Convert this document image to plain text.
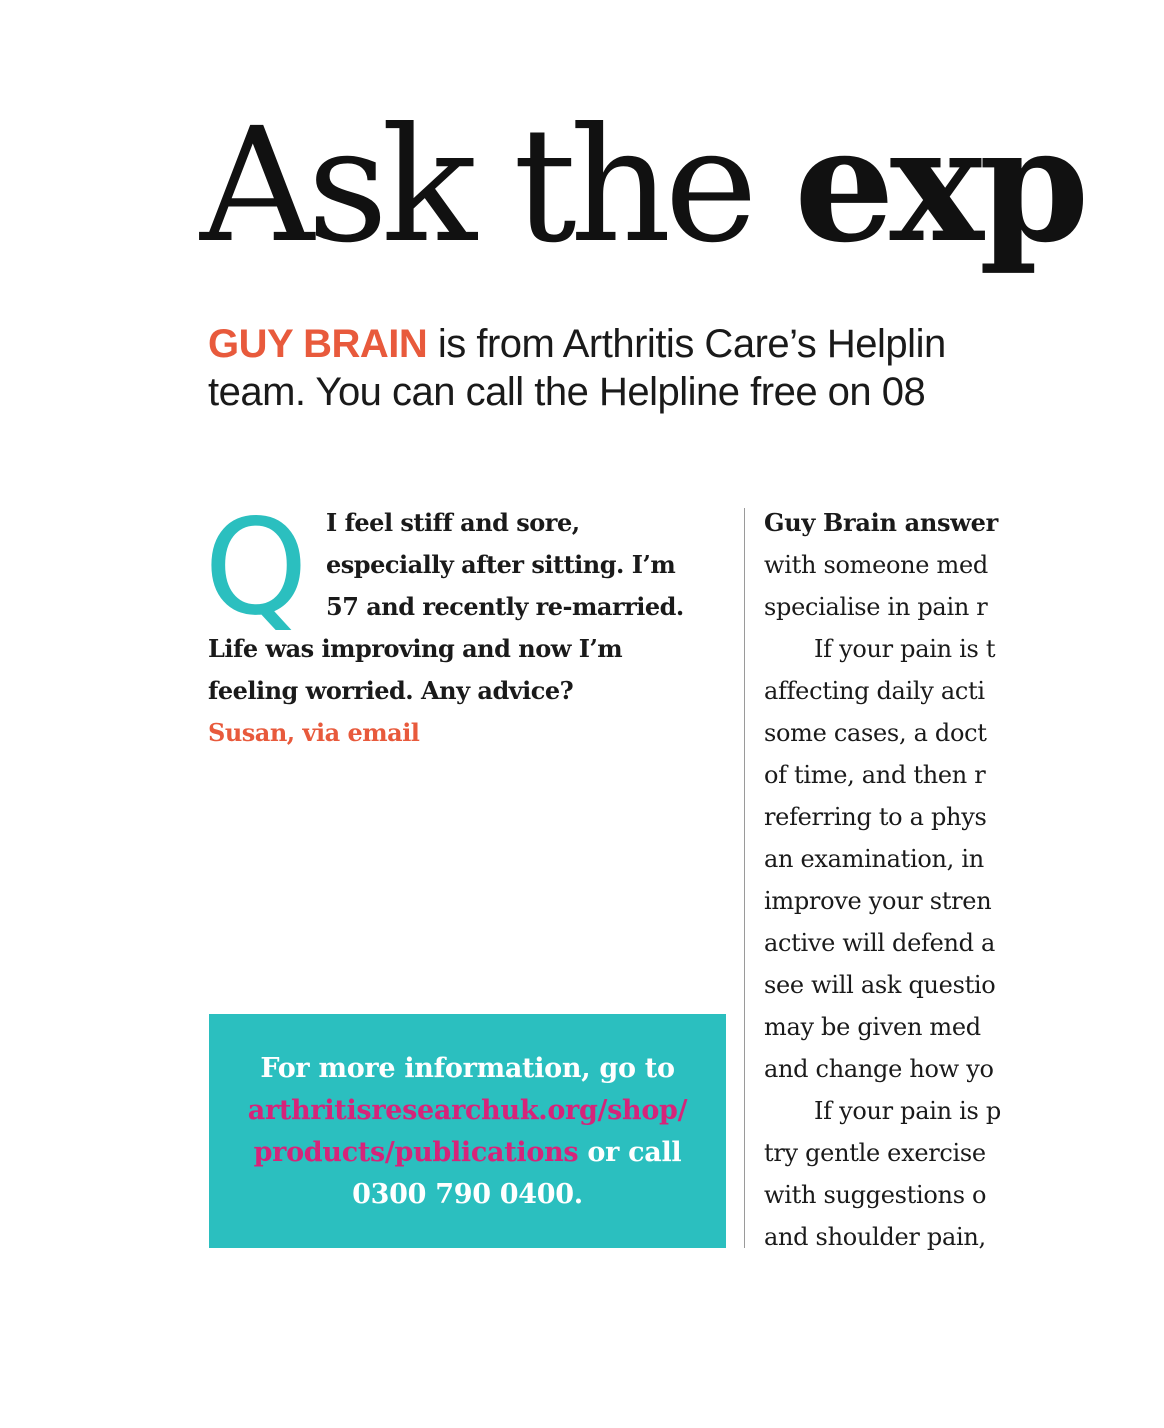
Ask the exp
GUY BRAIN is from Arthritis Care’s Helplin
team. You can call the Helpline free on 08
Q I feel stiff and sore,
especially after sitting. I’m
57 and recently re-married.
Life was improving and now I’m
feeling worried. Any advice?
Susan, via email
For more information, go to
arthritisresearchuk.org/shop/
products/publications or call
0300 790 0400.
Guy Brain answer
with someone med
specialise in pain r
If your pain is t
affecting daily acti
some cases, a doct
of time, and then r
referring to a phys
an examination, in
improve your stren
active will defend a
see will ask questio
may be given med
and change how yo
If your pain is p
try gentle exercise
with suggestions o
and shoulder pain,
